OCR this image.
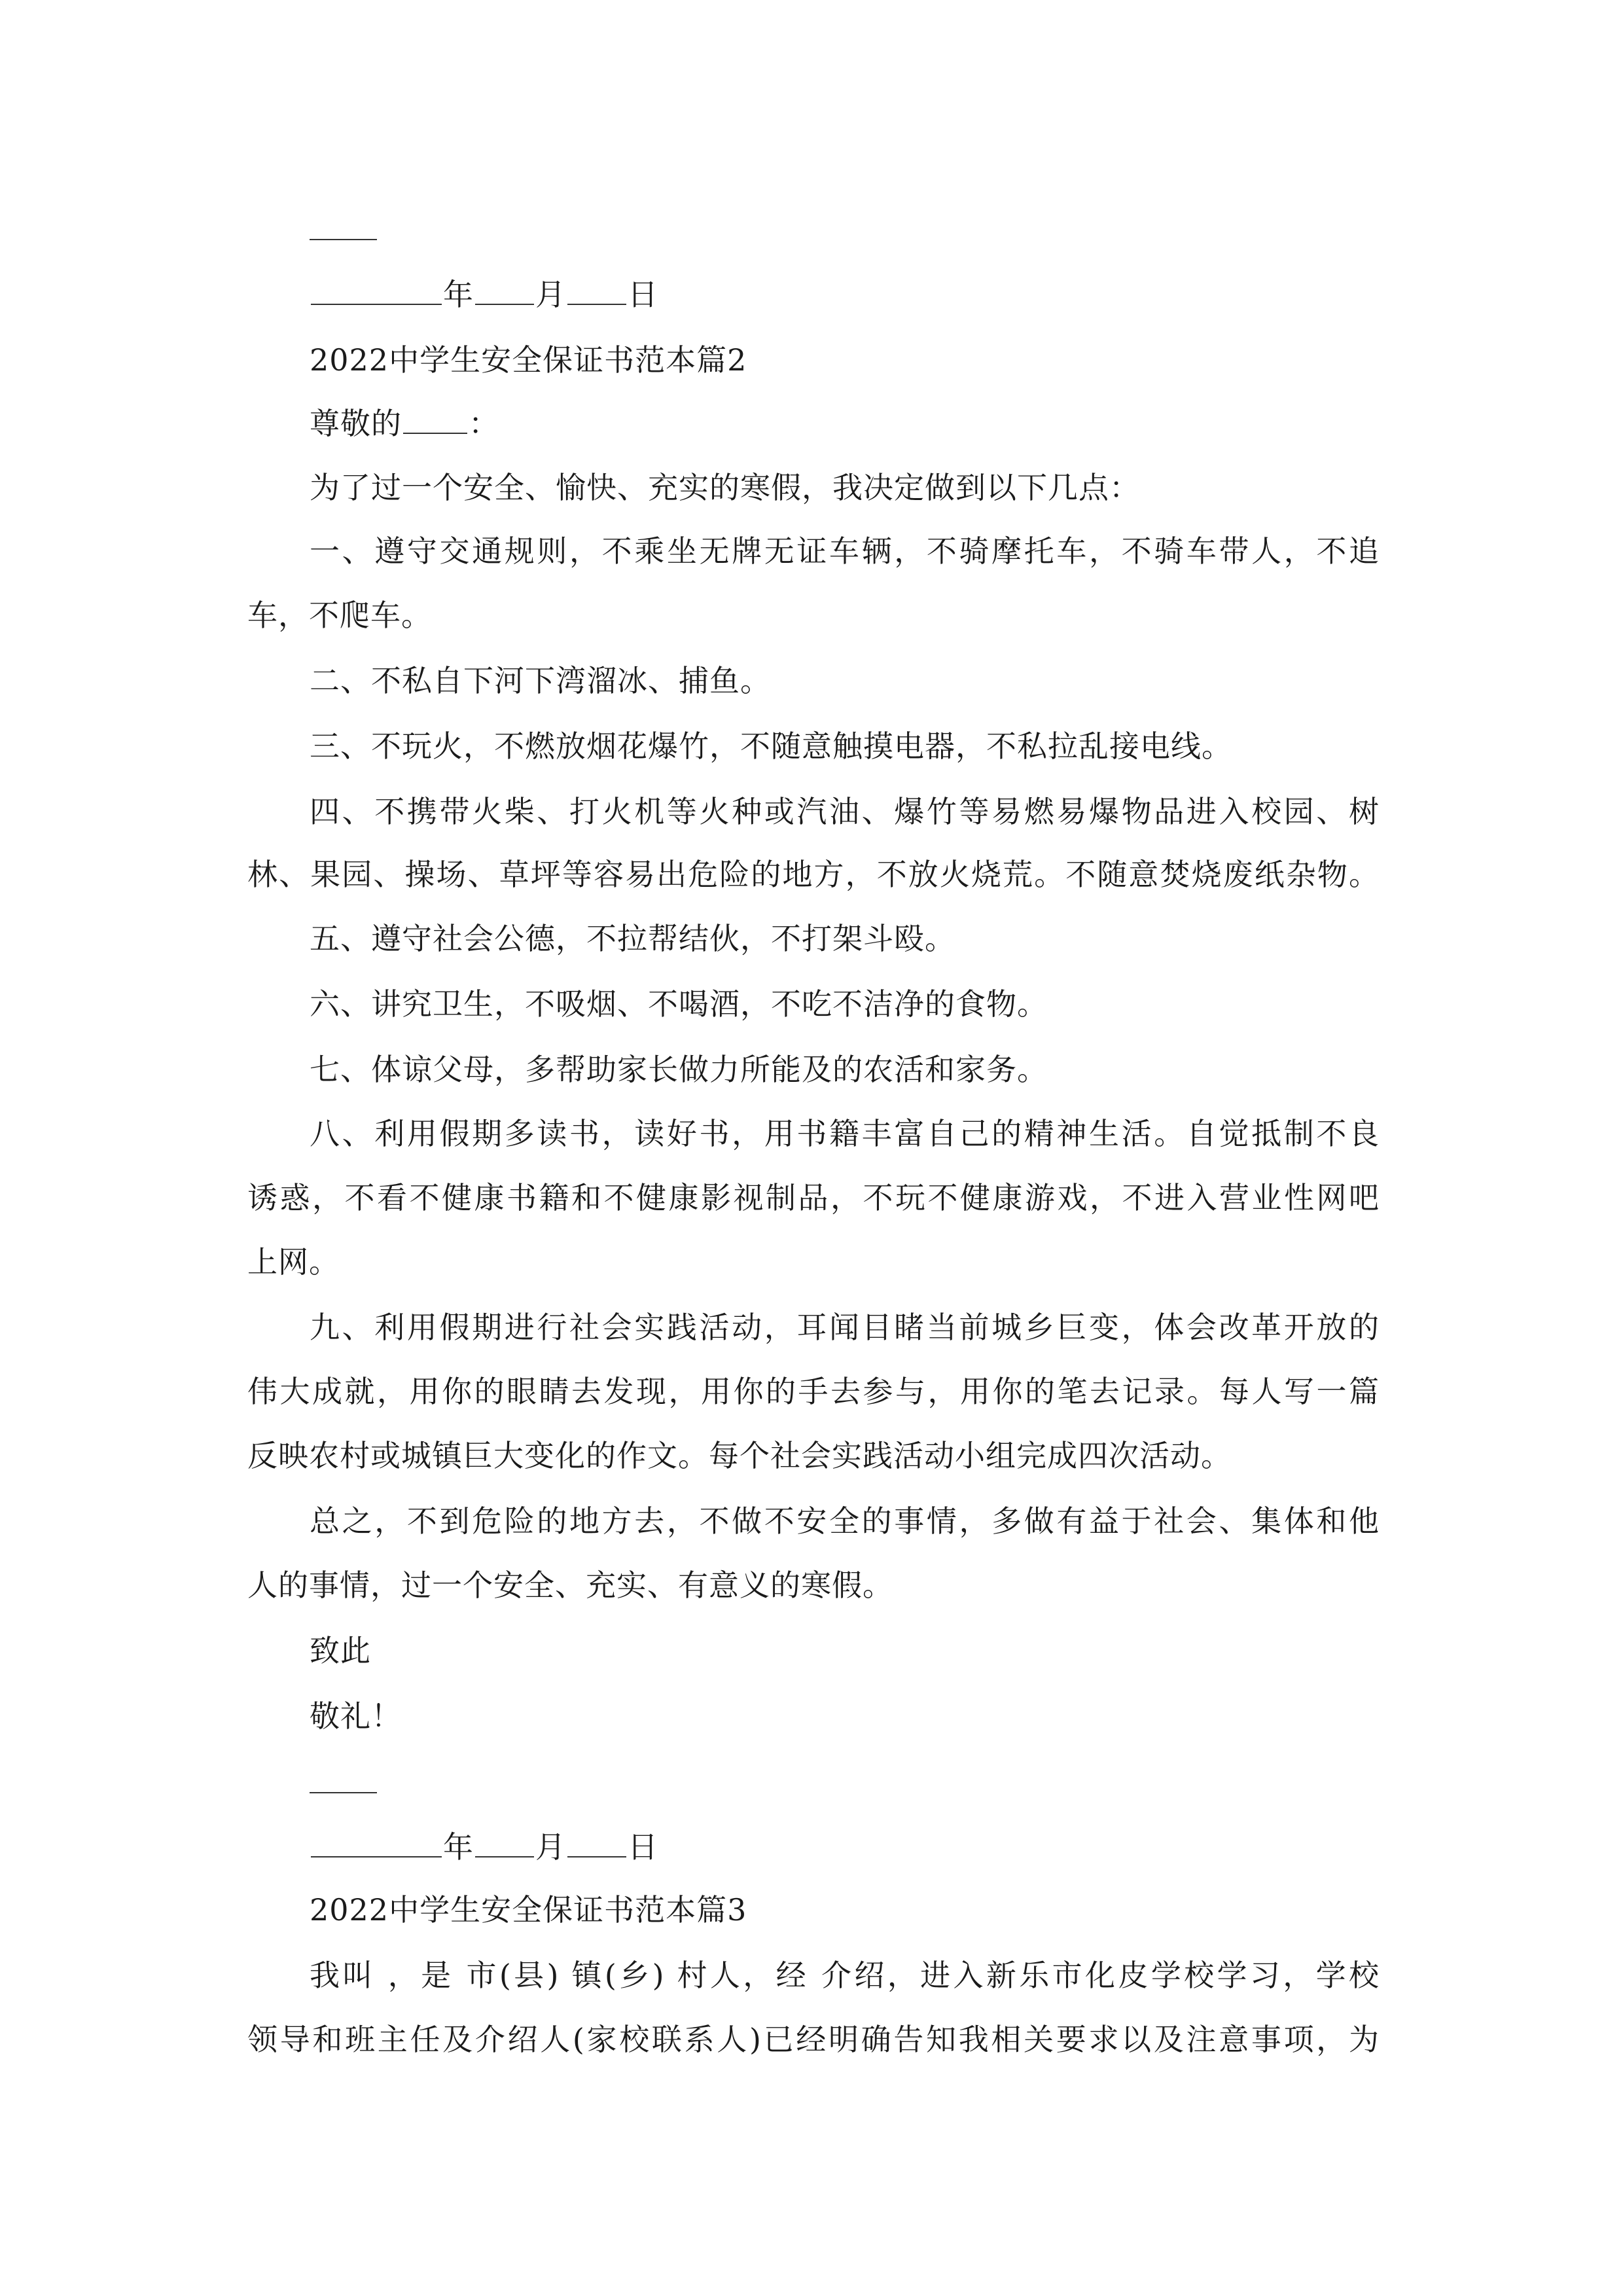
年 月 日
2022中学生安全保证书范本篇2
尊敬的 ：
为了过一个安全、愉快、充实的寒假，我决定做到以下几点：
一、遵守交通规则，不乘坐无牌无证车辆，不骑摩托车，不骑车带人，不追
车，不爬车。
二、不私自下河下湾溜冰、捕鱼。
三、不玩火，不燃放烟花爆竹，不随意触摸电器，不私拉乱接电线。
四、不携带火柴、打火机等火种或汽油、爆竹等易燃易爆物品进入校园、树
林、果园、操场、草坪等容易出危险的地方，不放火烧荒。不随意焚烧废纸杂物。
五、遵守社会公德，不拉帮结伙，不打架斗殴。
六、讲究卫生，不吸烟、不喝酒，不吃不洁净的食物。
七、体谅父母，多帮助家长做力所能及的农活和家务。
八、利用假期多读书，读好书，用书籍丰富自己的精神生活。自觉抵制不良
诱惑，不看不健康书籍和不健康影视制品，不玩不健康游戏，不进入营业性网吧
上网。
九、利用假期进行社会实践活动，耳闻目睹当前城乡巨变，体会改革开放的
伟大成就，用你的眼睛去发现，用你的手去参与，用你的笔去记录。每人写一篇
反映农村或城镇巨大变化的作文。每个社会实践活动小组完成四次活动。
总之，不到危险的地方去，不做不安全的事情，多做有益于社会、集体和他
人的事情，过一个安全、充实、有意义的寒假。
致此
敬礼！
年 月 日
2022中学生安全保证书范本篇3
我叫 ，是 市(县) 镇(乡) 村人，经 介绍，进入新乐市化皮学校学习，学校
领导和班主任及介绍人(家校联系人)已经明确告知我相关要求以及注意事项，为
